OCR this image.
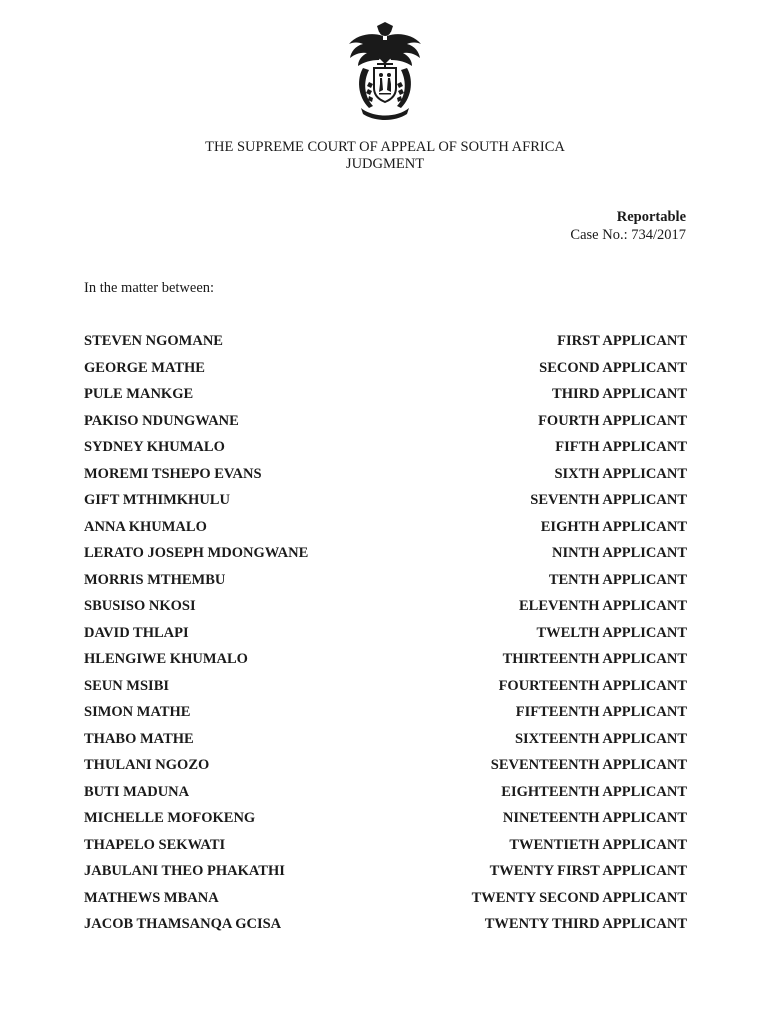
THE SUPREME COURT OF APPEAL OF SOUTH AFRICA
JUDGMENT
Reportable
Case No.: 734/2017
In the matter between:
STEVEN NGOMANE	FIRST APPLICANT
GEORGE MATHE	SECOND APPLICANT
PULE MANKGE	THIRD APPLICANT
PAKISO NDUNGWANE	FOURTH APPLICANT
SYDNEY KHUMALO	FIFTH APPLICANT
MOREMI TSHEPO EVANS	SIXTH APPLICANT
GIFT MTHIMKHULU	SEVENTH APPLICANT
ANNA KHUMALO	EIGHTH APPLICANT
LERATO JOSEPH MDONGWANE	NINTH APPLICANT
MORRIS MTHEMBU	TENTH APPLICANT
SBUSISO NKOSI	ELEVENTH APPLICANT
DAVID THLAPI	TWELTH APPLICANT
HLENGIWE KHUMALO	THIRTEENTH APPLICANT
SEUN MSIBI	FOURTEENTH APPLICANT
SIMON MATHE	FIFTEENTH APPLICANT
THABO MATHE	SIXTEENTH APPLICANT
THULANI NGOZO	SEVENTEENTH APPLICANT
BUTI MADUNA	EIGHTEENTH APPLICANT
MICHELLE MOFOKENG	NINETEENTH APPLICANT
THAPELO SEKWATI	TWENTIETH APPLICANT
JABULANI THEO PHAKATHI	TWENTY FIRST APPLICANT
MATHEWS MBANA	TWENTY SECOND APPLICANT
JACOB THAMSANQA GCISA	TWENTY THIRD APPLICANT
